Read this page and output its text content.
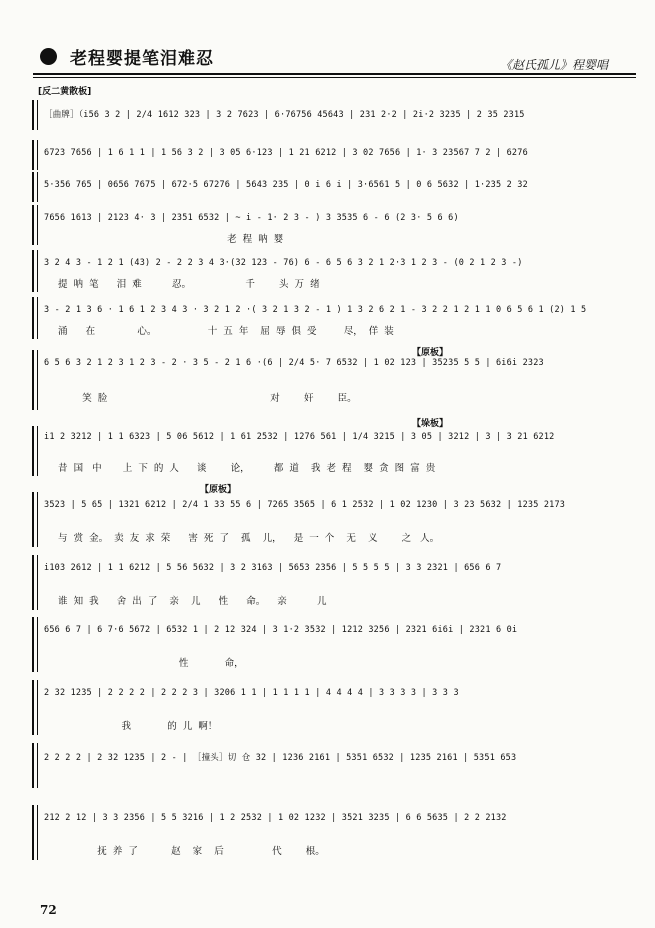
老程婴提笔泪难忍	《赵氏孤儿》程婴唱
[反二黄散板]
【原板】
【垛板】
【原板】
［曲牌］（i56 3 2 | 2/4 1612 323 | 3 2 7623 | 6·76756 45643 | 231 2·2 | 2i·2 3235 | 2 35 2315
6723 7656 | 1 6 1 1 | 1 56 3 2 | 3 05 6·123 | 1 21 6212 | 3 02 7656 | 1· 3 23567 7 2 | 6276
5·356 765 | 0656 7675 | 672·5 67276 | 5643 235 | 0 i 6 i | 3·6561 5 | 0 6 5632 | 1·235 2 32
7656 1613 | 2123 4· 3 | 2351 6532 | ~ i - 1· 2 3 - ) 3 3535 6 - 6 (2 3· 5 6 6)
老  程  呐  婴
3 2 4 3 - 1 2 1 (43) 2 - 2 2 3 4 3·(32 123 - 76) 6 - 6 5 6 3 2 1 2·3 1 2 3 - (0 2 1 2 3 -)
提  呐  笔      泪  难          忍。                  千        头  万  绪
3 - 2 1 3 6 · 1 6 1 2 3 4 3 · 3 2 1 2 ·( 3 2 1 3 2 - 1 ) 1 3 2 6 2 1 - 3 2 2 1 2 1 1 0 6 5 6 1 (2) 1 5
涌      在              心。                 十  五  年    屈  辱  俱  受         尽，  佯  装
6 5 6 3 2 1 2 3 1 2 3 - 2 · 3 5 - 2 1 6 ·(6 | 2/4 5· 7 6532 | 1 02 123 | 35235 5 5 | 6i6i 2323
笑  脸                                                      对        奸        臣。
i1 2 3212 | 1 1 6323 | 5 06 5612 | 1 61 2532 | 1276 561 | 1/4 3215 | 3 05 | 3212 | 3 | 3 21 6212
昔  国   中       上  下  的  人      谈        论，        都  道    我  老  程    婴  贪  图  富  贵
3523 | 5 65 | 1321 6212 | 2/4 1 33 55 6 | 7265 3565 | 6 1 2532 | 1 02 1230 | 3 23 5632 | 1235 2173
与  赏  金。  卖  友  求  荣      害  死  了    孤    儿，    是  一  个    无    义        之   人。
i103 2612 | 1 1 6212 | 5 56 5632 | 3 2 3163 | 5653 2356 | 5 5 5 5 | 3 3 2321 | 656 6 7
谁  知  我      舍  出  了    亲    儿      性      命。    亲          儿
656 6 7 | 6 7·6 5672 | 6532 1 | 2 12 324 | 3 1·2 3532 | 1212 3256 | 2321 6i6i | 2321 6 0i
性            命，
2 32 1235 | 2 2 2 2 | 2 2 2 3 | 3206 1 1 | 1 1 1 1 | 4 4 4 4 | 3 3 3 3 | 3 3 3
我            的  儿  啊！
2 2 2 2 | 2 32 1235 | 2 - | ［撞头］切 仓 32 | 1236 2161 | 5351 6532 | 1235 2161 | 5351 653
212 2 12 | 3 3 2356 | 5 5 3216 | 1 2 2532 | 1 02 1232 | 3521 3235 | 6 6 5635 | 2 2 2132
抚  养  了           赵    家    后                代        根。
72
